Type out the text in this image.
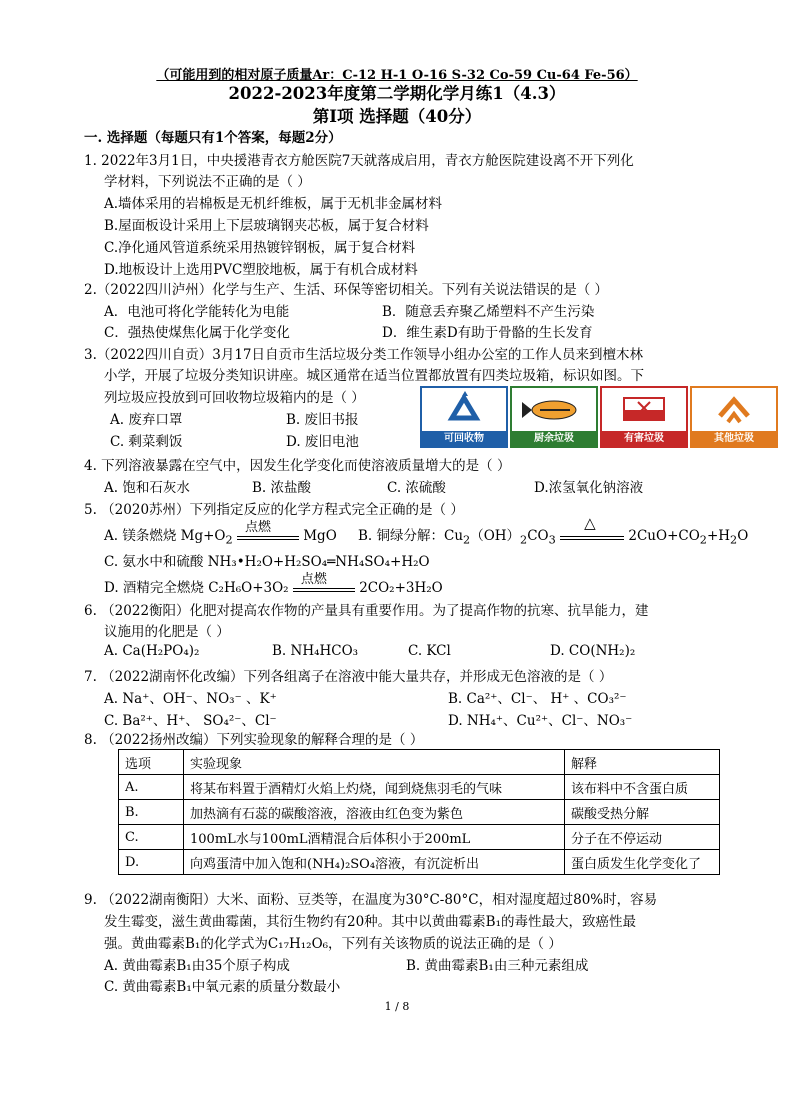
（可能用到的相对原子质量Ar：C-12 H-1 O-16 S-32 Co-59 Cu-64 Fe-56）
2022-2023年度第二学期化学月练1（4.3）
第Ⅰ项 选择题（40分）
一. 选择题（每题只有1个答案，每题2分）
1. 2022年3月1日，中央援港青衣方舱医院7天就落成启用，青衣方舱医院建设离不开下列化
学材料，下列说法不正确的是（ ）
A.墙体采用的岩棉板是无机纤维板，属于无机非金属材料
B.屋面板设计采用上下层玻璃钢夹芯板，属于复合材料
C.净化通风管道系统采用热镀锌钢板，属于复合材料
D.地板设计上选用PVC塑胶地板，属于有机合成材料
2.（2022四川泸州）化学与生产、生活、环保等密切相关。下列有关说法错误的是（ ）
A．电池可将化学能转化为电能	B．随意丢弃聚乙烯塑料不产生污染
C．强热使煤焦化属于化学变化	D．维生素D有助于骨骼的生长发育
3.（2022四川自贡）3月17日自贡市生活垃圾分类工作领导小组办公室的工作人员来到檀木林
小学，开展了垃圾分类知识讲座。城区通常在适当位置都放置有四类垃圾箱，标识如图。下
列垃圾应投放到可回收物垃圾箱内的是（ ）
A. 废弃口罩	B. 废旧书报
C. 剩菜剩饭	D. 废旧电池	可回收物	厨余垃圾	有害垃圾	其他垃圾
4. 下列溶液暴露在空气中，因发生化学变化而使溶液质量增大的是（ ）
A. 饱和石灰水	B. 浓盐酸	C. 浓硫酸	D.浓氢氧化钠溶液
5. （2020苏州）下列指定反应的化学方程式完全正确的是（ ）
A. 镁条燃烧 $Mg+O_2$
点燃
MgO B. 铜绿分解：$Cu_2(OH)_2CO_3$
△
$2CuO+CO_2+H_2O$
C. 氨水中和硫酸 NH₃•H₂O+H₂SO₄═NH₄SO₄+H₂O
D. 酒精完全燃烧 C₂H₆O+3O₂
点燃
2CO₂+3H₂O
6. （2022衡阳）化肥对提高农作物的产量具有重要作用。为了提高作物的抗寒、抗旱能力，建
议施用的化肥是（ ）
A. Ca(H₂PO₄)₂	B. NH₄HCO₃	C. KCl	D. CO(NH₂)₂
7. （2022湖南怀化改编）下列各组离子在溶液中能大量共存，并形成无色溶液的是（ ）
A. Na⁺、OH⁻、NO₃⁻ 、K⁺	B. Ca²⁺、Cl⁻、 H⁺ 、CO₃²⁻
C. Ba²⁺、H⁺、 SO₄²⁻、Cl⁻	D. NH₄⁺、Cu²⁺、Cl⁻、NO₃⁻
8. （2022扬州改编）下列实验现象的解释合理的是（ ）
选项	实验现象	解释
A.	将某布料置于酒精灯火焰上灼烧，闻到烧焦羽毛的气味	该布料中不含蛋白质
B.	加热滴有石蕊的碳酸溶液，溶液由红色变为紫色	碳酸受热分解
C.	100mL水与100mL酒精混合后体积小于200mL	分子在不停运动
D.	向鸡蛋清中加入饱和(NH₄)₂SO₄溶液，有沉淀析出	蛋白质发生化学变化了
9. （2022湖南衡阳）大米、面粉、豆类等，在温度为30°C-80°C，相对湿度超过80%时，容易
发生霉变，滋生黄曲霉菌，其衍生物约有20种。其中以黄曲霉素B₁的毒性最大，致癌性最
强。黄曲霉素B₁的化学式为C₁₇H₁₂O₆，下列有关该物质的说法正确的是（ ）
A. 黄曲霉素B₁由35个原子构成	B. 黄曲霉素B₁由三种元素组成
C. 黄曲霉素B₁中氧元素的质量分数最小
1 / 8
